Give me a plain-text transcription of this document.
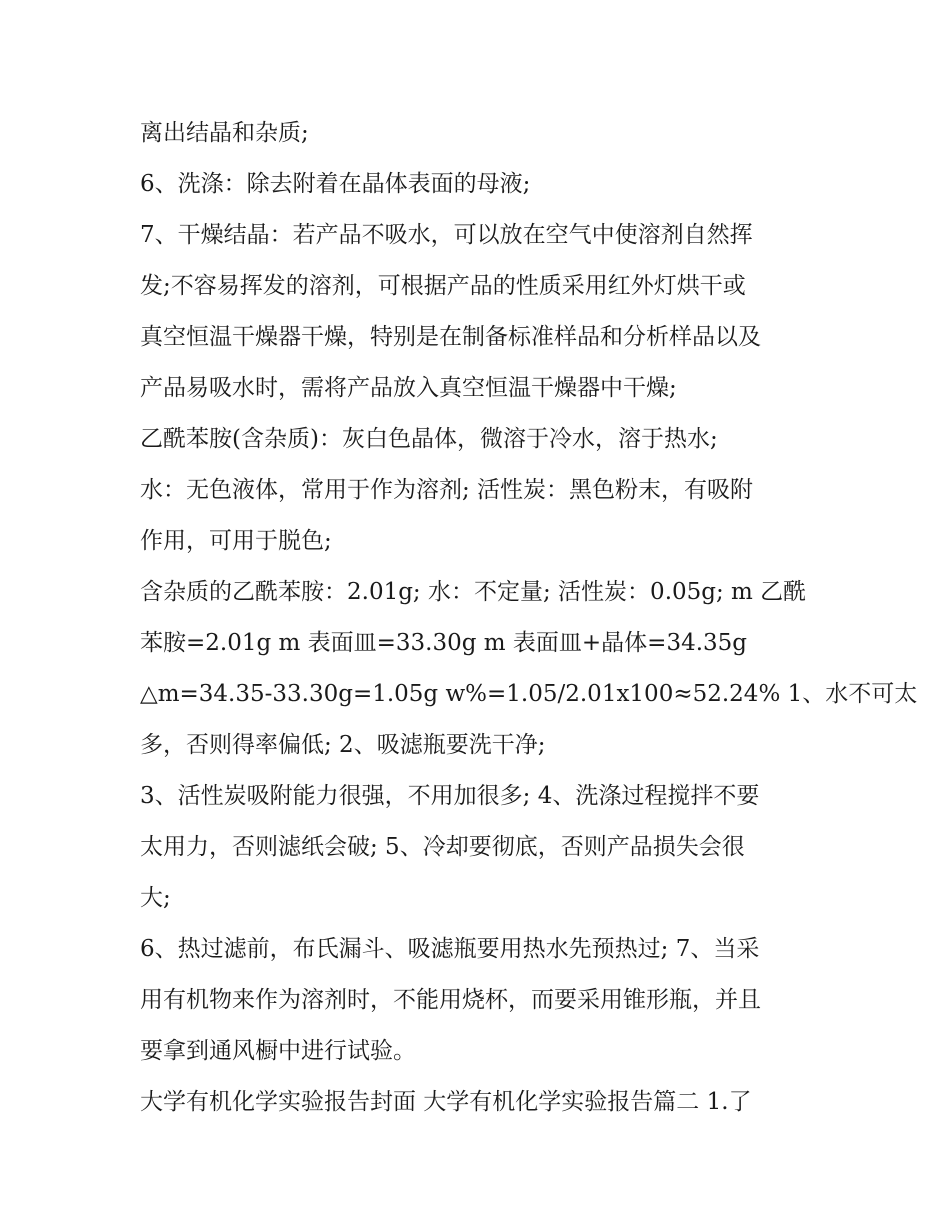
离出结晶和杂质;
6、洗涤：除去附着在晶体表面的母液;
7、干燥结晶：若产品不吸水，可以放在空气中使溶剂自然挥
发;不容易挥发的溶剂，可根据产品的性质采用红外灯烘干或
真空恒温干燥器干燥，特别是在制备标准样品和分析样品以及
产品易吸水时，需将产品放入真空恒温干燥器中干燥;
乙酰苯胺(含杂质)：灰白色晶体，微溶于冷水，溶于热水;
水：无色液体，常用于作为溶剂; 活性炭：黑色粉末，有吸附
作用，可用于脱色;
含杂质的乙酰苯胺：2.01g; 水：不定量; 活性炭：0.05g; m 乙酰
苯胺=2.01g m 表面皿=33.30g m 表面皿+晶体=34.35g
△m=34.35-33.30g=1.05g w%=1.05/2.01x100≈52.24% 1、水不可太
多，否则得率偏低; 2、吸滤瓶要洗干净;
3、活性炭吸附能力很强，不用加很多; 4、洗涤过程搅拌不要
太用力，否则滤纸会破; 5、冷却要彻底，否则产品损失会很
大;
6、热过滤前，布氏漏斗、吸滤瓶要用热水先预热过; 7、当采
用有机物来作为溶剂时，不能用烧杯，而要采用锥形瓶，并且
要拿到通风橱中进行试验。
大学有机化学实验报告封面 大学有机化学实验报告篇二 1.了
